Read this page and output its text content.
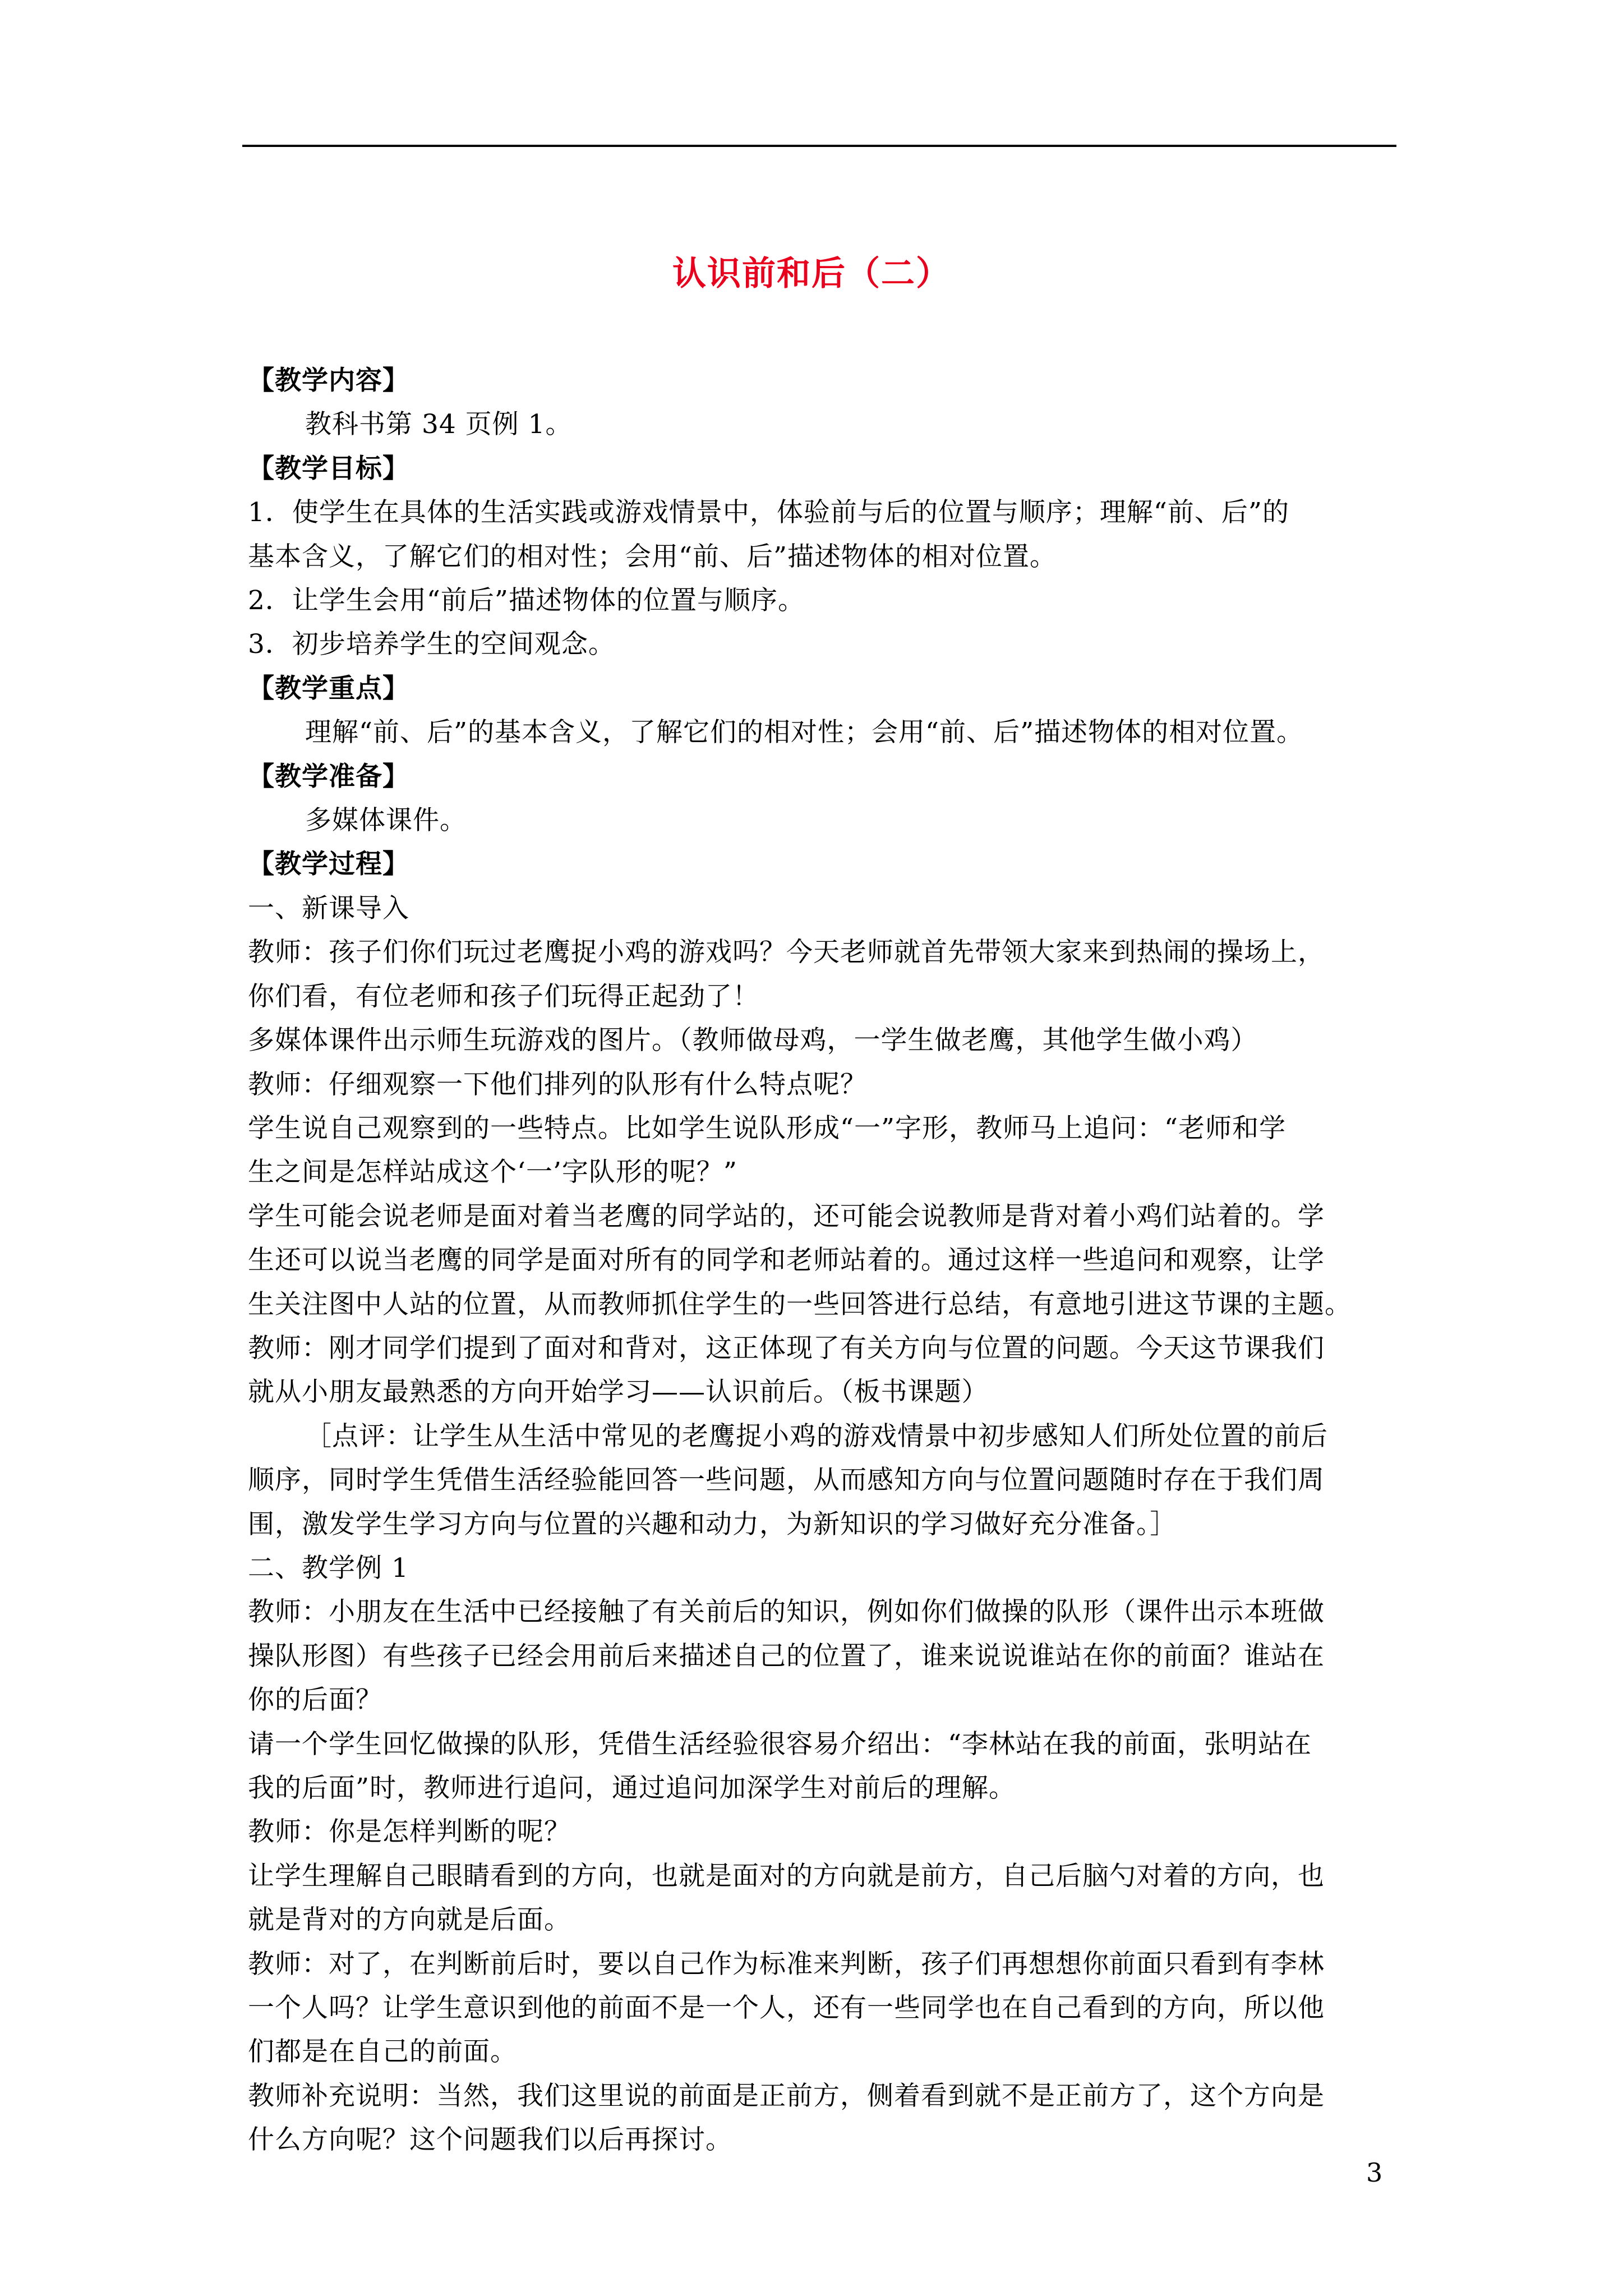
认识前和后（二）

【教学内容】

教科书第 34 页例 1。

【教学目标】

1．使学生在具体的生活实践或游戏情景中，体验前与后的位置与顺序；理解“前、后”的

基本含义，了解它们的相对性；会用“前、后”描述物体的相对位置。

2．让学生会用“前后”描述物体的位置与顺序。

3．初步培养学生的空间观念。

【教学重点】

理解“前、后”的基本含义，了解它们的相对性；会用“前、后”描述物体的相对位置。

【教学准备】

多媒体课件。

【教学过程】

一、新课导入

教师：孩子们你们玩过老鹰捉小鸡的游戏吗？今天老师就首先带领大家来到热闹的操场上，

你们看，有位老师和孩子们玩得正起劲了！

多媒体课件出示师生玩游戏的图片。（教师做母鸡，一学生做老鹰，其他学生做小鸡）

教师：仔细观察一下他们排列的队形有什么特点呢？

学生说自己观察到的一些特点。比如学生说队形成“一”字形，教师马上追问：“老师和学

生之间是怎样站成这个‘一’字队形的呢？”

学生可能会说老师是面对着当老鹰的同学站的，还可能会说教师是背对着小鸡们站着的。学

生还可以说当老鹰的同学是面对所有的同学和老师站着的。通过这样一些追问和观察，让学

生关注图中人站的位置，从而教师抓住学生的一些回答进行总结，有意地引进这节课的主题。

教师：刚才同学们提到了面对和背对，这正体现了有关方向与位置的问题。今天这节课我们

就从小朋友最熟悉的方向开始学习——认识前后。（板书课题）

［点评：让学生从生活中常见的老鹰捉小鸡的游戏情景中初步感知人们所处位置的前后

顺序，同时学生凭借生活经验能回答一些问题，从而感知方向与位置问题随时存在于我们周

围，激发学生学习方向与位置的兴趣和动力，为新知识的学习做好充分准备。］

二、教学例 1

教师：小朋友在生活中已经接触了有关前后的知识，例如你们做操的队形（课件出示本班做

操队形图）有些孩子已经会用前后来描述自己的位置了，谁来说说谁站在你的前面？谁站在

你的后面？

请一个学生回忆做操的队形，凭借生活经验很容易介绍出：“李林站在我的前面，张明站在

我的后面”时，教师进行追问，通过追问加深学生对前后的理解。

教师：你是怎样判断的呢？

让学生理解自己眼睛看到的方向，也就是面对的方向就是前方，自己后脑勺对着的方向，也

就是背对的方向就是后面。

教师：对了，在判断前后时，要以自己作为标准来判断，孩子们再想想你前面只看到有李林

一个人吗？让学生意识到他的前面不是一个人，还有一些同学也在自己看到的方向，所以他

们都是在自己的前面。

教师补充说明：当然，我们这里说的前面是正前方，侧着看到就不是正前方了，这个方向是

什么方向呢？这个问题我们以后再探讨。

3
